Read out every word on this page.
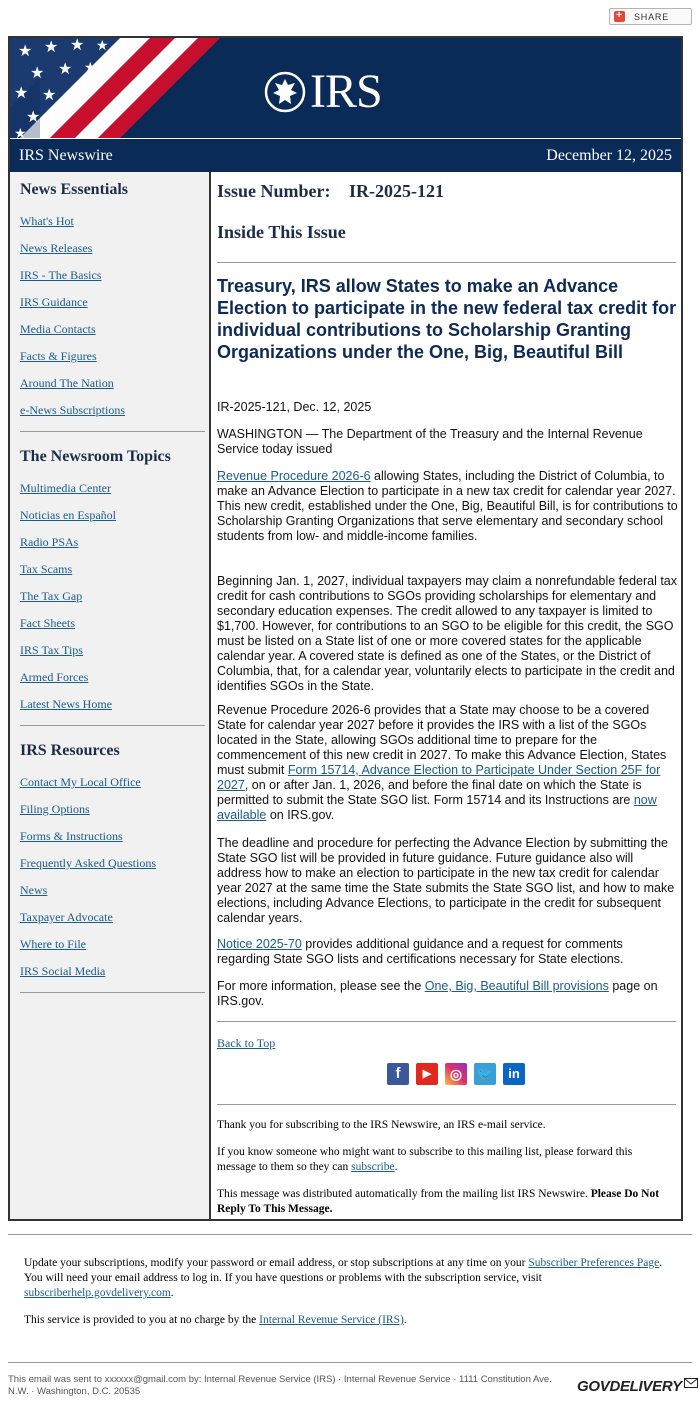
+ SHARE
★ ★ ★ ★
★ ★ ★
★ ★ ★
★ ★
★
IRS
IRS Newswire	December 12, 2025
News Essentials
What's Hot
News Releases
IRS - The Basics
IRS Guidance
Media Contacts
Facts & Figures
Around The Nation
e-News Subscriptions
The Newsroom Topics
Multimedia Center
Noticias en Español
Radio PSAs
Tax Scams
The Tax Gap
Fact Sheets
IRS Tax Tips
Armed Forces
Latest News Home
IRS Resources
Contact My Local Office
Filing Options
Forms & Instructions
Frequently Asked Questions
News
Taxpayer Advocate
Where to File
IRS Social Media
Issue Number: IR-2025-121
Inside This Issue
Treasury, IRS allow States to make an Advance Election to participate in the new federal tax credit for individual contributions to Scholarship Granting Organizations under the One, Big, Beautiful Bill

IR-2025-121, Dec. 12, 2025

WASHINGTON — The Department of the Treasury and the Internal Revenue Service today issued

Revenue Procedure 2026-6 allowing States, including the District of Columbia, to make an Advance Election to participate in a new tax credit for calendar year 2027. This new credit, established under the One, Big, Beautiful Bill, is for contributions to Scholarship Granting Organizations that serve elementary and secondary school students from low- and middle-income families.

Beginning Jan. 1, 2027, individual taxpayers may claim a nonrefundable federal tax credit for cash contributions to SGOs providing scholarships for elementary and secondary education expenses. The credit allowed to any taxpayer is limited to $1,700. However, for contributions to an SGO to be eligible for this credit, the SGO must be listed on a State list of one or more covered states for the applicable calendar year. A covered state is defined as one of the States, or the District of Columbia, that, for a calendar year, voluntarily elects to participate in the credit and identifies SGOs in the State.

Revenue Procedure 2026-6 provides that a State may choose to be a covered State for calendar year 2027 before it provides the IRS with a list of the SGOs located in the State, allowing SGOs additional time to prepare for the commencement of this new credit in 2027. To make this Advance Election, States must submit Form 15714, Advance Election to Participate Under Section 25F for 2027, on or after Jan. 1, 2026, and before the final date on which the State is permitted to submit the State SGO list. Form 15714 and its Instructions are now available on IRS.gov.

The deadline and procedure for perfecting the Advance Election by submitting the State SGO list will be provided in future guidance. Future guidance also will address how to make an election to participate in the new tax credit for calendar year 2027 at the same time the State submits the State SGO list, and how to make elections, including Advance Elections, to participate in the credit for subsequent calendar years.

Notice 2025-70 provides additional guidance and a request for comments regarding State SGO lists and certifications necessary for State elections.

For more information, please see the One, Big, Beautiful Bill provisions page on IRS.gov.

Back to Top
f	▶	◎	🐦	in

Thank you for subscribing to the IRS Newswire, an IRS e-mail service.

If you know someone who might want to subscribe to this mailing list, please forward this message to them so they can subscribe.

This message was distributed automatically from the mailing list IRS Newswire. Please Do Not Reply To This Message.

Update your subscriptions, modify your password or email address, or stop subscriptions at any time on your Subscriber Preferences Page. You will need your email address to log in. If you have questions or problems with the subscription service, visit subscriberhelp.govdelivery.com.

This service is provided to you at no charge by the Internal Revenue Service (IRS).

This email was sent to xxxxxx@gmail.com by: Internal Revenue Service (IRS) · Internal Revenue Service · 1111 Constitution Ave. N.W. · Washington, D.C. 20535	GOVDELIVERY
